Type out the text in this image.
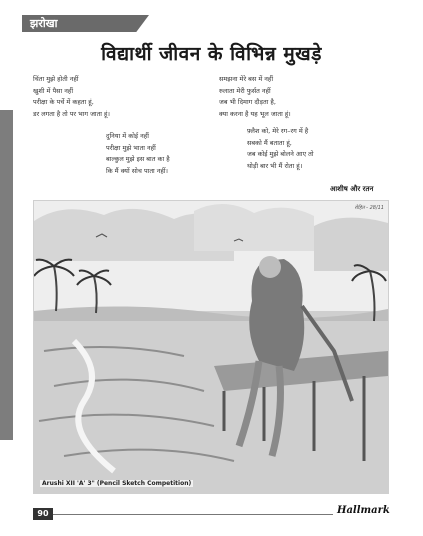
झरोखा
विद्यार्थी जीवन के विभिन्न मुखड़े
चिंता मुझे होती नहीं
खुशी में पैसा नहीं
परीक्षा के पर्चे में कहता हूं,
डर लगता है तो पर भाग जाता हूं।
समझना मेरे बस में नहीं
रुलाता मेरी फुर्सत नहीं
जब भी दिमाग दौड़ता है,
क्या करना है यह भूल जाता हूं।
दुनिया में कोई नहीं
परीक्षा मुझे भाता नहीं
बाल्कुल मुझे इस बात का है
कि मैं क्यों सोच पाता नहीं।
फ़्लैश को, मेरे रग–रग में है
सबको मैं बताता हूं,
जब कोई मुझे बोलने आए तो
थोड़ी बार भी मैं रोता हूं।
आशीष और रतन
रोहित - 28/11
Arushi XII 'A' 3" (Pencil Sketch Competition)
90	Hallmark
